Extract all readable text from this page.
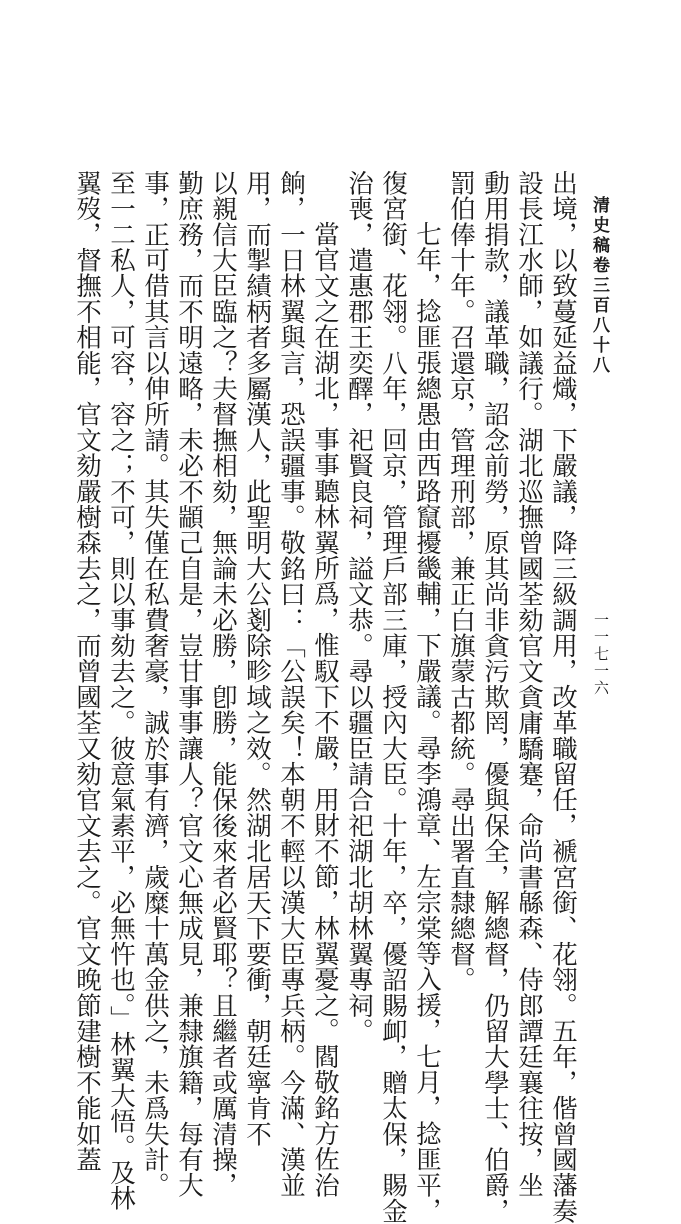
清史稿卷三百八十八
一一七一六
出境，以致蔓延益熾，下嚴議，降三級調用，改革職留任，褫宮銜、花翎。五年，偕曾國藩奏
設長江水師，如議行。湖北巡撫曾國荃劾官文貪庸驕蹇，命尚書緜森、侍郎譚廷襄往按，坐
動用捐款，議革職，詔念前勞，原其尚非貪污欺罔，優與保全，解總督，仍留大學士、伯爵，
罰伯俸十年。召還京，管理刑部，兼正白旗蒙古都統。尋出署直隸總督。
七年，捻匪張總愚由西路竄擾畿輔，下嚴議。尋李鴻章、左宗棠等入援，七月，捻匪平，
復宮銜、花翎。八年，回京，管理戶部三庫，授內大臣。十年，卒，優詔賜卹，贈太保，賜金
治喪，遣惠郡王奕醳，祀賢良祠，謚文恭。尋以疆臣請合祀湖北胡林翼專祠。
當官文之在湖北，事事聽林翼所爲，惟馭下不嚴，用財不節，林翼憂之。閻敬銘方佐治
餉，一日林翼與言，恐誤疆事。敬銘曰：「公誤矣！本朝不輕以漢大臣專兵柄。今滿、漢並
用，而掣績柄者多屬漢人，此聖明大公剗除畛域之效。然湖北居天下要衝，朝廷寧肯不
以親信大臣臨之？夫督撫相劾，無論未必勝，卽勝，能保後來者必賢耶？且繼者或厲清操，
勤庶務，而不明遠略，未必不顓己自是，豈甘事事讓人？官文心無成見，兼隸旗籍，每有大
事，正可借其言以伸所請。其失僅在私費奢豪，誠於事有濟，歲糜十萬金供之，未爲失計。
至一二私人，可容，容之；不可，則以事劾去之。彼意氣素平，必無忤也。」林翼大悟。及林
翼歿，督撫不相能，官文劾嚴樹森去之，而曾國荃又劾官文去之。官文晚節建樹不能如蓋
